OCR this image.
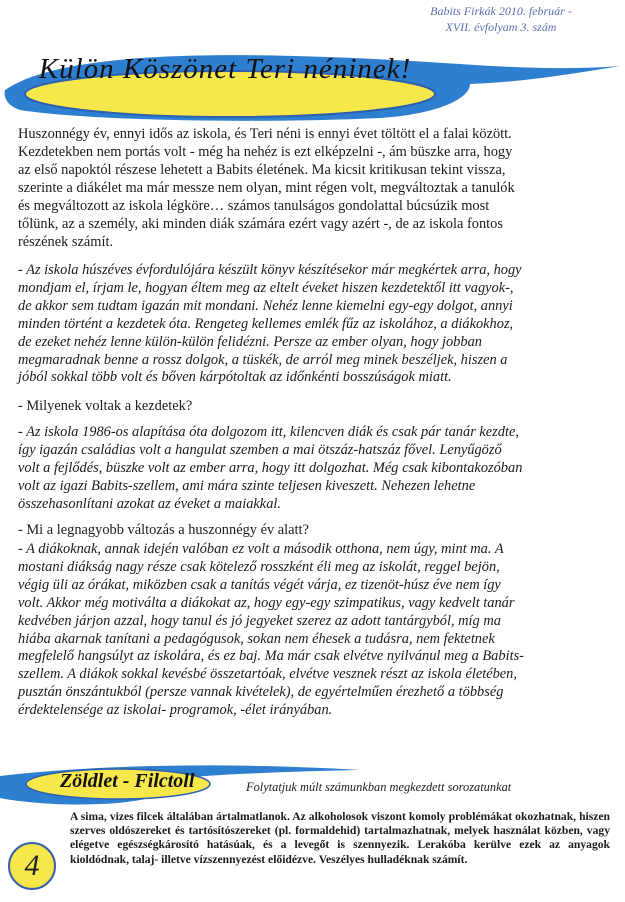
Babits Firkák 2010. február -
XVII. évfolyam 3. szám
Külön Köszönet Teri néninek!
Huszonnégy év, ennyi idős az iskola, és Teri néni is ennyi évet töltött el a falai között.
Kezdetekben nem portás volt - még ha nehéz is ezt elképzelni -, ám büszke arra, hogy
az első napoktól részese lehetett a Babits életének. Ma kicsit kritikusan tekint vissza,
szerinte a diákélet ma már messze nem olyan, mint régen volt, megváltoztak a tanulók
és megváltozott az iskola légköre… számos tanulságos gondolattal búcsúzik most
tőlünk, az a személy, aki minden diák számára ezért vagy azért -, de az iskola fontos
részének számít.
- Az iskola húszéves évfordulójára készült könyv készítésekor már megkértek arra, hogy
mondjam el, írjam le, hogyan éltem meg az eltelt éveket hiszen kezdetektől itt vagyok-,
de akkor sem tudtam igazán mit mondani. Nehéz lenne kiemelni egy-egy dolgot, annyi
minden történt a kezdetek óta. Rengeteg kellemes emlék fűz az iskolához, a diákokhoz,
de ezeket nehéz lenne külön-külön felidézni. Persze az ember olyan, hogy jobban
megmaradnak benne a rossz dolgok, a tüskék, de arról meg minek beszéljek, hiszen a
jóból sokkal több volt és bőven kárpótoltak az időnkénti bosszúságok miatt.
- Milyenek voltak a kezdetek?
- Az iskola 1986-os alapítása óta dolgozom itt, kilencven diák és csak pár tanár kezdte,
így igazán családias volt a hangulat szemben a mai ötszáz-hatszáz fővel. Lenyűgöző
volt a fejlődés, büszke volt az ember arra, hogy itt dolgozhat. Még csak kibontakozóban
volt az igazi Babits-szellem, ami mára szinte teljesen kiveszett. Nehezen lehetne
összehasonlítani azokat az éveket a maiakkal.
- Mi a legnagyobb változás a huszonnégy év alatt?
- A diákoknak, annak idején valóban ez volt a második otthona, nem úgy, mint ma. A
mostani diákság nagy része csak kötelező rosszként éli meg az iskolát, reggel bejön,
végig üli az órákat, miközben csak a tanítás végét várja, ez tizenöt-húsz éve nem így
volt. Akkor még motiválta a diákokat az, hogy egy-egy szimpatikus, vagy kedvelt tanár
kedvében járjon azzal, hogy tanul és jó jegyeket szerez az adott tantárgyból, míg ma
hiába akarnak tanítani a pedagógusok, sokan nem éhesek a tudásra, nem fektetnek
megfelelő hangsúlyt az iskolára, és ez baj. Ma már csak elvétve nyilvánul meg a Babits-
szellem. A diákok sokkal kevésbé összetartóak, elvétve vesznek részt az iskola életében,
pusztán önszántukból (persze vannak kivételek), de egyértelműen érezhető a többség
érdektelensége az iskolai- programok, -élet irányában.
Zöldlet - Filctoll	Folytatjuk múlt számunkban megkezdett sorozatunkat
A sima, vizes filcek általában ártalmatlanok. Az alkoholosok viszont komoly problémákat okozhatnak, hiszen szerves oldószereket és tartósítószereket (pl. formaldehid) tartalmazhatnak, melyek használat közben, vagy elégetve egészségkárosító hatásúak, és a levegőt is szennyezik. Lerakóba kerülve ezek az anyagok kioldódnak, talaj- illetve vízszennyezést előidézve. Veszélyes hulladéknak számít.
4
